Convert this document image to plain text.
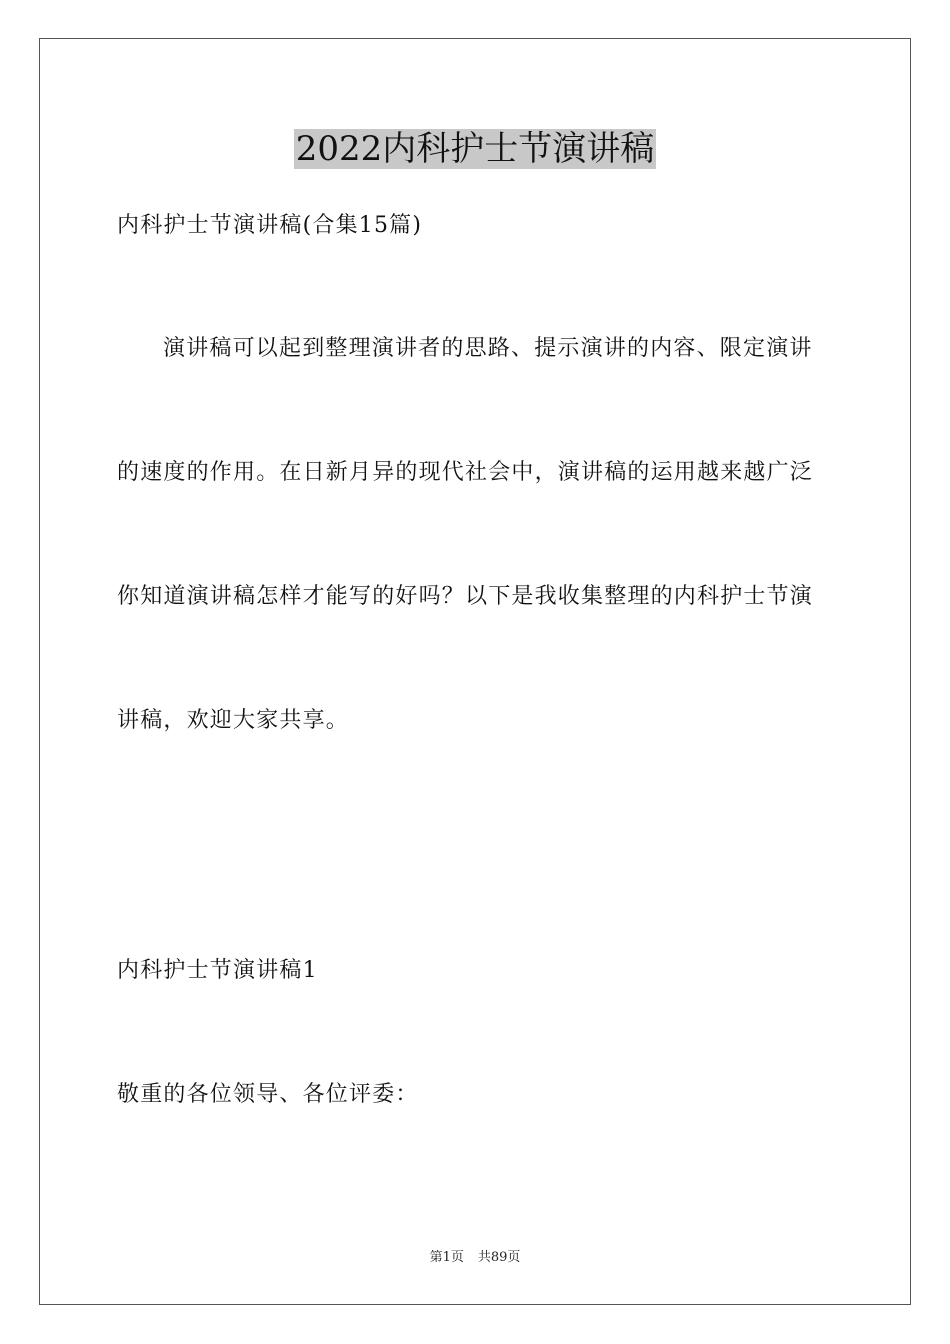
2022内科护士节演讲稿
内科护士节演讲稿(合集15篇)
演讲稿可以起到整理演讲者的思路、提示演讲的内容、限定演讲
的速度的作用。在日新月异的现代社会中，演讲稿的运用越来越广泛
你知道演讲稿怎样才能写的好吗？以下是我收集整理的内科护士节演
讲稿，欢迎大家共享。
内科护士节演讲稿1
敬重的各位领导、各位评委：
第1页 共89页
